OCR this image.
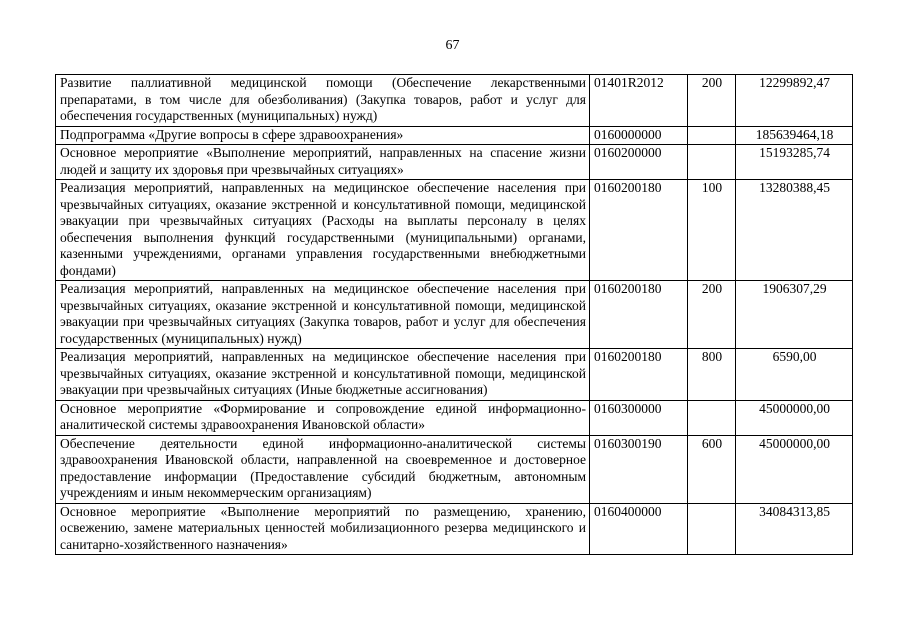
67
Развитие паллиативной медицинской помощи (Обеспечение лекарственными препаратами, в том числе для обезболивания) (Закупка товаров, работ и услуг для обеспечения государственных (муниципальных) нужд)	01401R2012	200	12299892,47
Подпрограмма «Другие вопросы в сфере здравоохранения»	0160000000		185639464,18
Основное мероприятие «Выполнение мероприятий, направленных на спасение жизни людей и защиту их здоровья при чрезвычайных ситуациях»	0160200000		15193285,74
Реализация мероприятий, направленных на медицинское обеспечение населения при чрезвычайных ситуациях, оказание экстренной и консультативной помощи, медицинской эвакуации при чрезвычайных ситуациях (Расходы на выплаты персоналу в целях обеспечения выполнения функций государственными (муниципальными) органами, казенными учреждениями, органами управления государственными внебюджетными фондами)	0160200180	100	13280388,45
Реализация мероприятий, направленных на медицинское обеспечение населения при чрезвычайных ситуациях, оказание экстренной и консультативной помощи, медицинской эвакуации при чрезвычайных ситуациях (Закупка товаров, работ и услуг для обеспечения государственных (муниципальных) нужд)	0160200180	200	1906307,29
Реализация мероприятий, направленных на медицинское обеспечение населения при чрезвычайных ситуациях, оказание экстренной и консультативной помощи, медицинской эвакуации при чрезвычайных ситуациях (Иные бюджетные ассигнования)	0160200180	800	6590,00
Основное мероприятие «Формирование и сопровождение единой информационно-аналитической системы здравоохранения Ивановской области»	0160300000		45000000,00
Обеспечение деятельности единой информационно-аналитической системы здравоохранения Ивановской области, направленной на своевременное и достоверное предоставление информации (Предоставление субсидий бюджетным, автономным учреждениям и иным некоммерческим организациям)	0160300190	600	45000000,00
Основное мероприятие «Выполнение мероприятий по размещению, хранению, освежению, замене материальных ценностей мобилизационного резерва медицинского и санитарно-хозяйственного назначения»	0160400000		34084313,85
